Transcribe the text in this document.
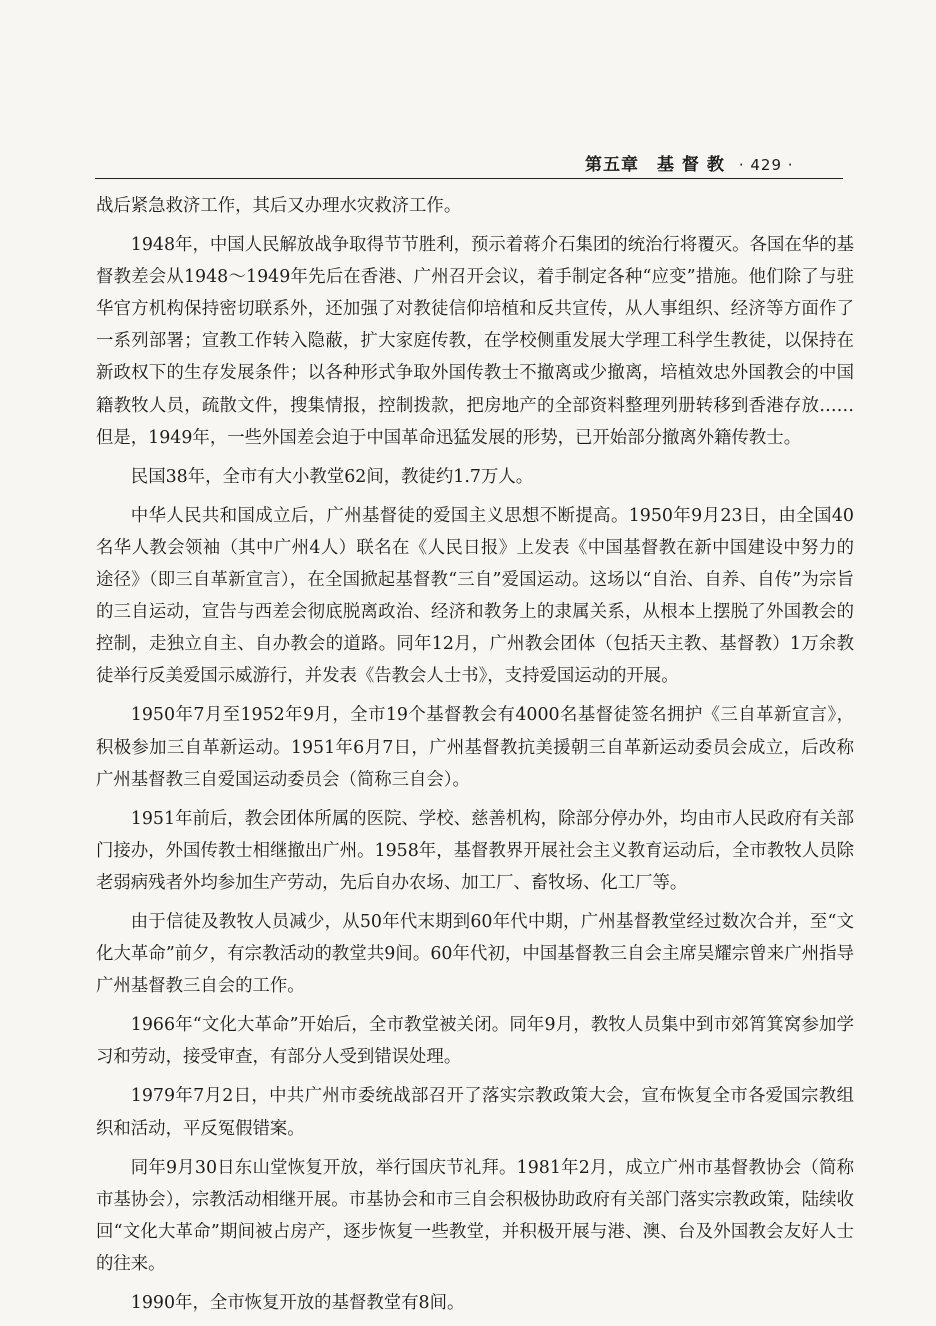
第五章　基 督 教 · 429 ·

战后紧急救济工作，其后又办理水灾救济工作。

1948年，中国人民解放战争取得节节胜利，预示着蒋介石集团的统治行将覆灭。各国在华的基督教差会从1948～1949年先后在香港、广州召开会议，着手制定各种“应变”措施。他们除了与驻华官方机构保持密切联系外，还加强了对教徒信仰培植和反共宣传，从人事组织、经济等方面作了一系列部署；宣教工作转入隐蔽，扩大家庭传教，在学校侧重发展大学理工科学生教徒，以保持在新政权下的生存发展条件；以各种形式争取外国传教士不撤离或少撤离，培植效忠外国教会的中国籍教牧人员，疏散文件，搜集情报，控制拨款，把房地产的全部资料整理列册转移到香港存放……但是，1949年，一些外国差会迫于中国革命迅猛发展的形势，已开始部分撤离外籍传教士。

民国38年，全市有大小教堂62间，教徒约1.7万人。

中华人民共和国成立后，广州基督徒的爱国主义思想不断提高。1950年9月23日，由全国40名华人教会领袖（其中广州4人）联名在《人民日报》上发表《中国基督教在新中国建设中努力的途径》（即三自革新宣言），在全国掀起基督教“三自”爱国运动。这场以“自治、自养、自传”为宗旨的三自运动，宣告与西差会彻底脱离政治、经济和教务上的隶属关系，从根本上摆脱了外国教会的控制，走独立自主、自办教会的道路。同年12月，广州教会团体（包括天主教、基督教）1万余教徒举行反美爱国示威游行，并发表《告教会人士书》，支持爱国运动的开展。

1950年7月至1952年9月，全市19个基督教会有4000名基督徒签名拥护《三自革新宣言》，积极参加三自革新运动。1951年6月7日，广州基督教抗美援朝三自革新运动委员会成立，后改称广州基督教三自爱国运动委员会（简称三自会）。

1951年前后，教会团体所属的医院、学校、慈善机构，除部分停办外，均由市人民政府有关部门接办，外国传教士相继撤出广州。1958年，基督教界开展社会主义教育运动后，全市教牧人员除老弱病残者外均参加生产劳动，先后自办农场、加工厂、畜牧场、化工厂等。

由于信徒及教牧人员减少，从50年代末期到60年代中期，广州基督教堂经过数次合并，至“文化大革命”前夕，有宗教活动的教堂共9间。60年代初，中国基督教三自会主席吴耀宗曾来广州指导广州基督教三自会的工作。

1966年“文化大革命”开始后，全市教堂被关闭。同年9月，教牧人员集中到市郊筲箕窝参加学习和劳动，接受审查，有部分人受到错误处理。

1979年7月2日，中共广州市委统战部召开了落实宗教政策大会，宣布恢复全市各爱国宗教组织和活动，平反冤假错案。

同年9月30日东山堂恢复开放，举行国庆节礼拜。1981年2月，成立广州市基督教协会（简称市基协会），宗教活动相继开展。市基协会和市三自会积极协助政府有关部门落实宗教政策，陆续收回“文化大革命”期间被占房产，逐步恢复一些教堂，并积极开展与港、澳、台及外国教会友好人士的往来。

1990年，全市恢复开放的基督教堂有8间。
